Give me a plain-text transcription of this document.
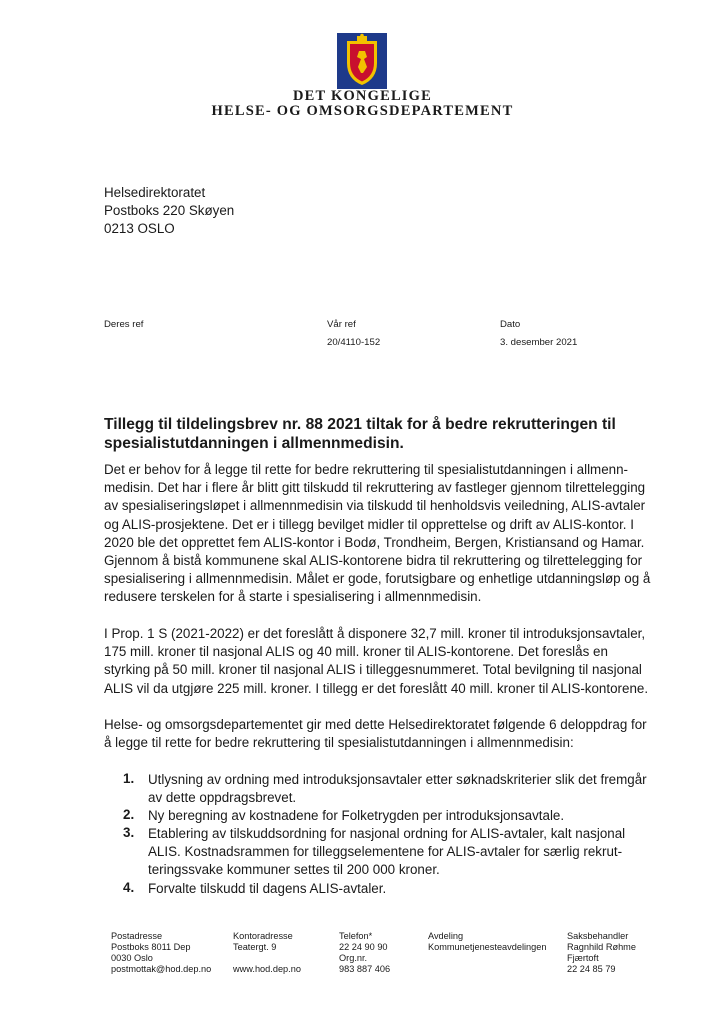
DET KONGELIGE
HELSE- OG OMSORGSDEPARTEMENT
Helsedirektoratet
Postboks 220 Skøyen
0213 OSLO
Deres ref	Vår ref
20/4110-152
Dato
3. desember 2021
Tillegg til tildelingsbrev nr. 88 2021 tiltak for å bedre rekrutteringen til
spesialistutdanningen i allmennmedisin.
Det er behov for å legge til rette for bedre rekruttering til spesialistutdanningen i allmenn-
medisin. Det har i flere år blitt gitt tilskudd til rekruttering av fastleger gjennom tilrettelegging
av spesialiseringsløpet i allmennmedisin via tilskudd til henholdsvis veiledning, ALIS-avtaler
og ALIS-prosjektene. Det er i tillegg bevilget midler til opprettelse og drift av ALIS-kontor. I
2020 ble det opprettet fem ALIS-kontor i Bodø, Trondheim, Bergen, Kristiansand og Hamar.
Gjennom å bistå kommunene skal ALIS-kontorene bidra til rekruttering og tilrettelegging for
spesialisering i allmennmedisin. Målet er gode, forutsigbare og enhetlige utdanningsløp og å
redusere terskelen for å starte i spesialisering i allmennmedisin.
I Prop. 1 S (2021-2022) er det foreslått å disponere 32,7 mill. kroner til introduksjonsavtaler,
175 mill. kroner til nasjonal ALIS og 40 mill. kroner til ALIS-kontorene. Det foreslås en
styrking på 50 mill. kroner til nasjonal ALIS i tilleggesnummeret. Total bevilgning til nasjonal
ALIS vil da utgjøre 225 mill. kroner. I tillegg er det foreslått 40 mill. kroner til ALIS-kontorene.
Helse- og omsorgsdepartementet gir med dette Helsedirektoratet følgende 6 deloppdrag for
å legge til rette for bedre rekruttering til spesialistutdanningen i allmennmedisin:
1. Utlysning av ordning med introduksjonsavtaler etter søknadskriterier slik det fremgår
av dette oppdragsbrevet.
2. Ny beregning av kostnadene for Folketrygden per introduksjonsavtale.
3. Etablering av tilskuddsordning for nasjonal ordning for ALIS-avtaler, kalt nasjonal
ALIS. Kostnadsrammen for tilleggselementene for ALIS-avtaler for særlig rekrut-
teringssvake kommuner settes til 200 000 kroner.
4. Forvalte tilskudd til dagens ALIS-avtaler.
Postadresse
Postboks 8011 Dep
0030 Oslo
postmottak@hod.dep.no
Kontoradresse
Teatergt. 9
www.hod.dep.no
Telefon*
22 24 90 90
Org.nr.
983 887 406
Avdeling
Kommunetjenesteavdelingen
Saksbehandler
Ragnhild Røhme
Fjærtoft
22 24 85 79
